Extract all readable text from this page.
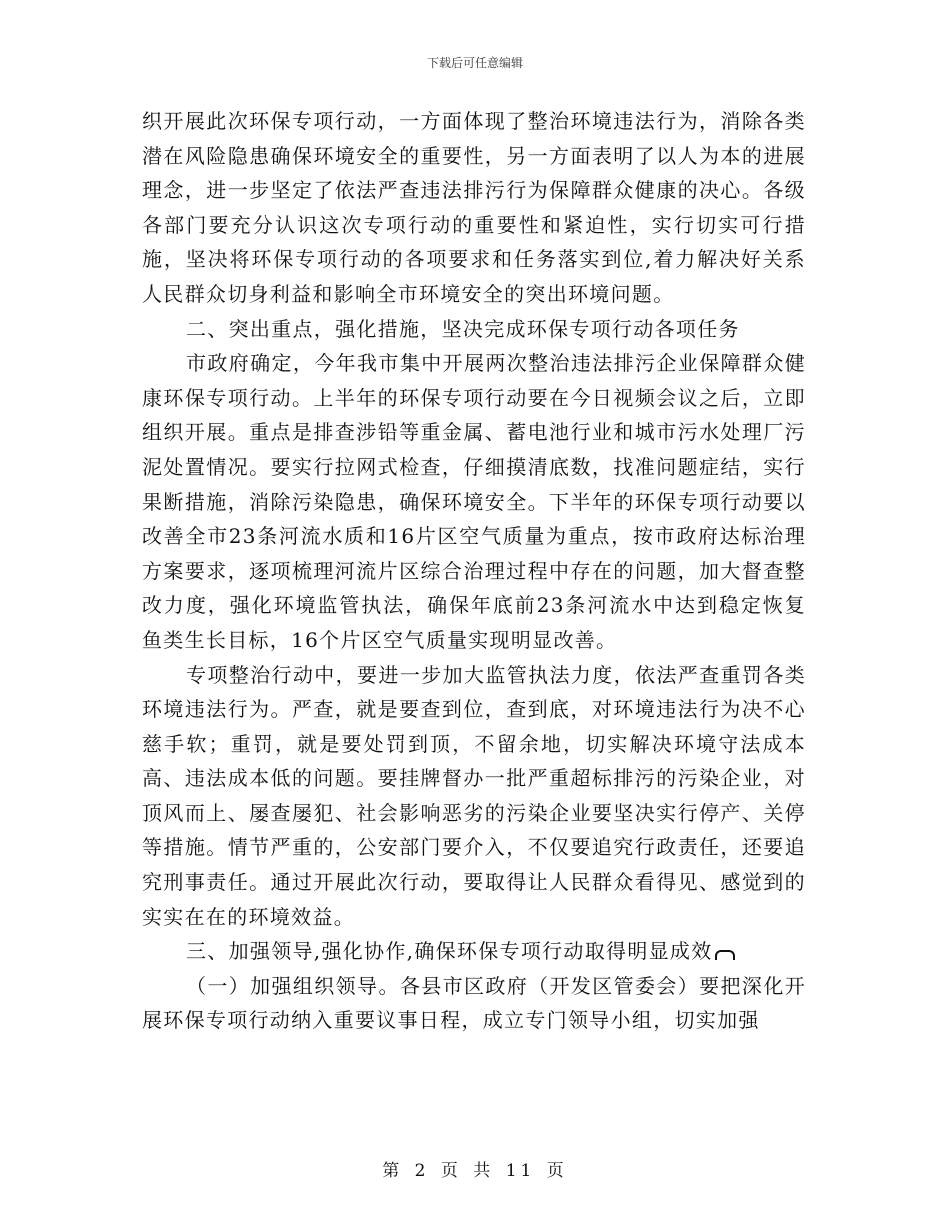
下载后可任意编辑

织开展此次环保专项行动，一方面体现了整治环境违法行为，消除各类潜在风险隐患确保环境安全的重要性，另一方面表明了以人为本的进展理念，进一步坚定了依法严查违法排污行为保障群众健康的决心。各级各部门要充分认识这次专项行动的重要性和紧迫性，实行切实可行措施，坚决将环保专项行动的各项要求和任务落实到位,着力解决好关系人民群众切身利益和影响全市环境安全的突出环境问题。

二、突出重点，强化措施，坚决完成环保专项行动各项任务

市政府确定，今年我市集中开展两次整治违法排污企业保障群众健康环保专项行动。上半年的环保专项行动要在今日视频会议之后，立即组织开展。重点是排查涉铅等重金属、蓄电池行业和城市污水处理厂污泥处置情况。要实行拉网式检查，仔细摸清底数，找准问题症结，实行果断措施，消除污染隐患，确保环境安全。下半年的环保专项行动要以改善全市23条河流水质和16片区空气质量为重点，按市政府达标治理方案要求，逐项梳理河流片区综合治理过程中存在的问题，加大督查整改力度，强化环境监管执法，确保年底前23条河流水中达到稳定恢复鱼类生长目标，16个片区空气质量实现明显改善。

专项整治行动中，要进一步加大监管执法力度，依法严查重罚各类环境违法行为。严查，就是要查到位，查到底，对环境违法行为决不心慈手软；重罚，就是要处罚到顶，不留余地，切实解决环境守法成本高、违法成本低的问题。要挂牌督办一批严重超标排污的污染企业，对顶风而上、屡查屡犯、社会影响恶劣的污染企业要坚决实行停产、关停等措施。情节严重的，公安部门要介入，不仅要追究行政责任，还要追究刑事责任。通过开展此次行动，要取得让人民群众看得见、感觉到的实实在在的环境效益。

三、加强领导,强化协作,确保环保专项行动取得明显成效

（一）加强组织领导。各县市区政府（开发区管委会）要把深化开展环保专项行动纳入重要议事日程，成立专门领导小组，切实加强

第 2 页 共 11 页
